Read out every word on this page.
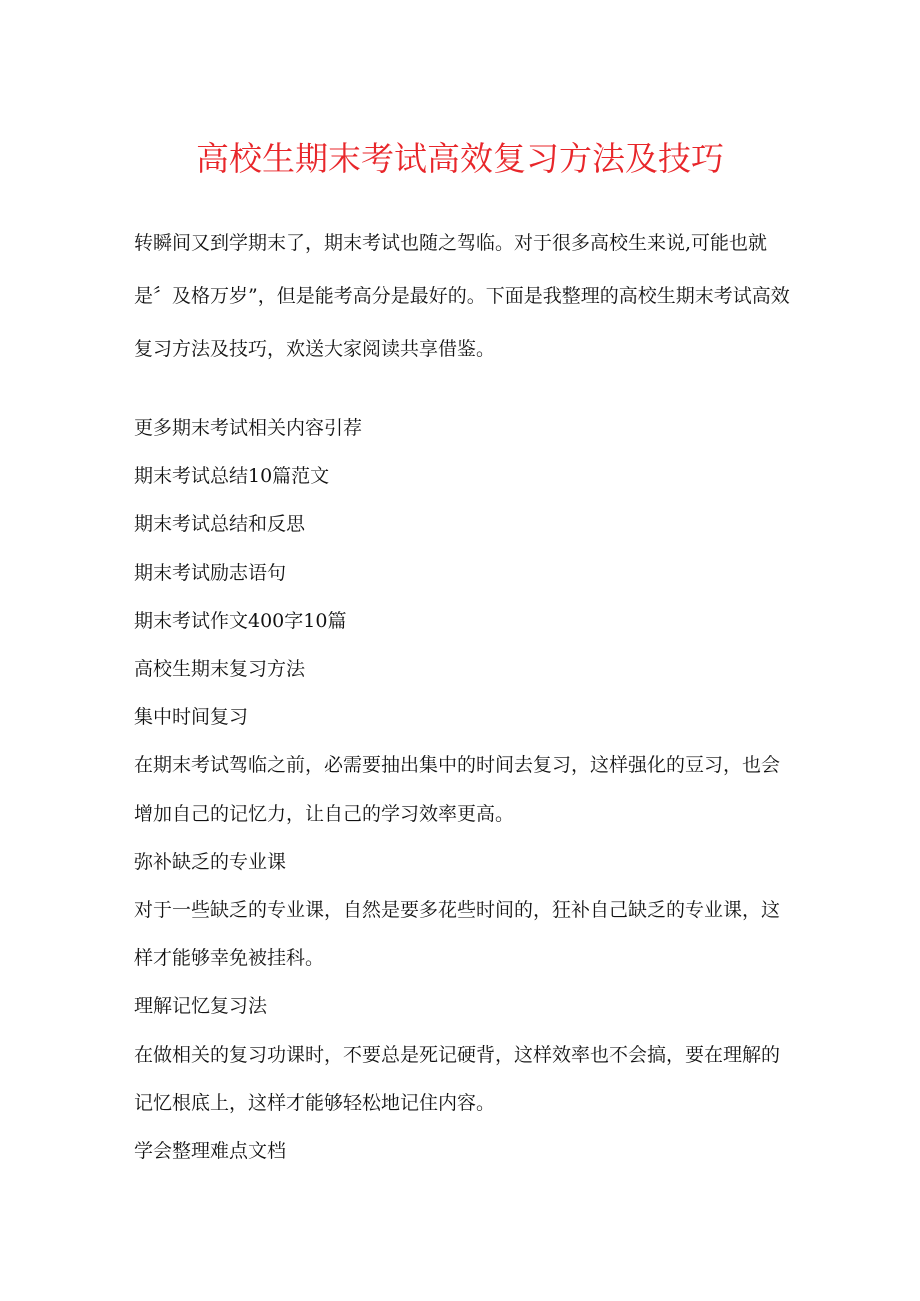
高校生期末考试高效复习方法及技巧

转瞬间又到学期末了，期末考试也随之驾临。对于很多高校生来说,可能也就是〞及格万岁”，但是能考高分是最好的。下面是我整理的高校生期末考试高效复习方法及技巧，欢送大家阅读共享借鉴。

更多期末考试相关内容引荐

期末考试总结10篇范文

期末考试总结和反思

期末考试励志语句

期末考试作文400字10篇

高校生期末复习方法

集中时间复习

在期末考试驾临之前，必需要抽出集中的时间去复习，这样强化的豆习，也会增加自己的记忆力，让自己的学习效率更高。

弥补缺乏的专业课

对于一些缺乏的专业课，自然是要多花些时间的，狂补自己缺乏的专业课，这样才能够幸免被挂科。

理解记忆复习法

在做相关的复习功课时，不要总是死记硬背，这样效率也不会搞，要在理解的记忆根底上，这样才能够轻松地记住内容。

学会整理难点文档
